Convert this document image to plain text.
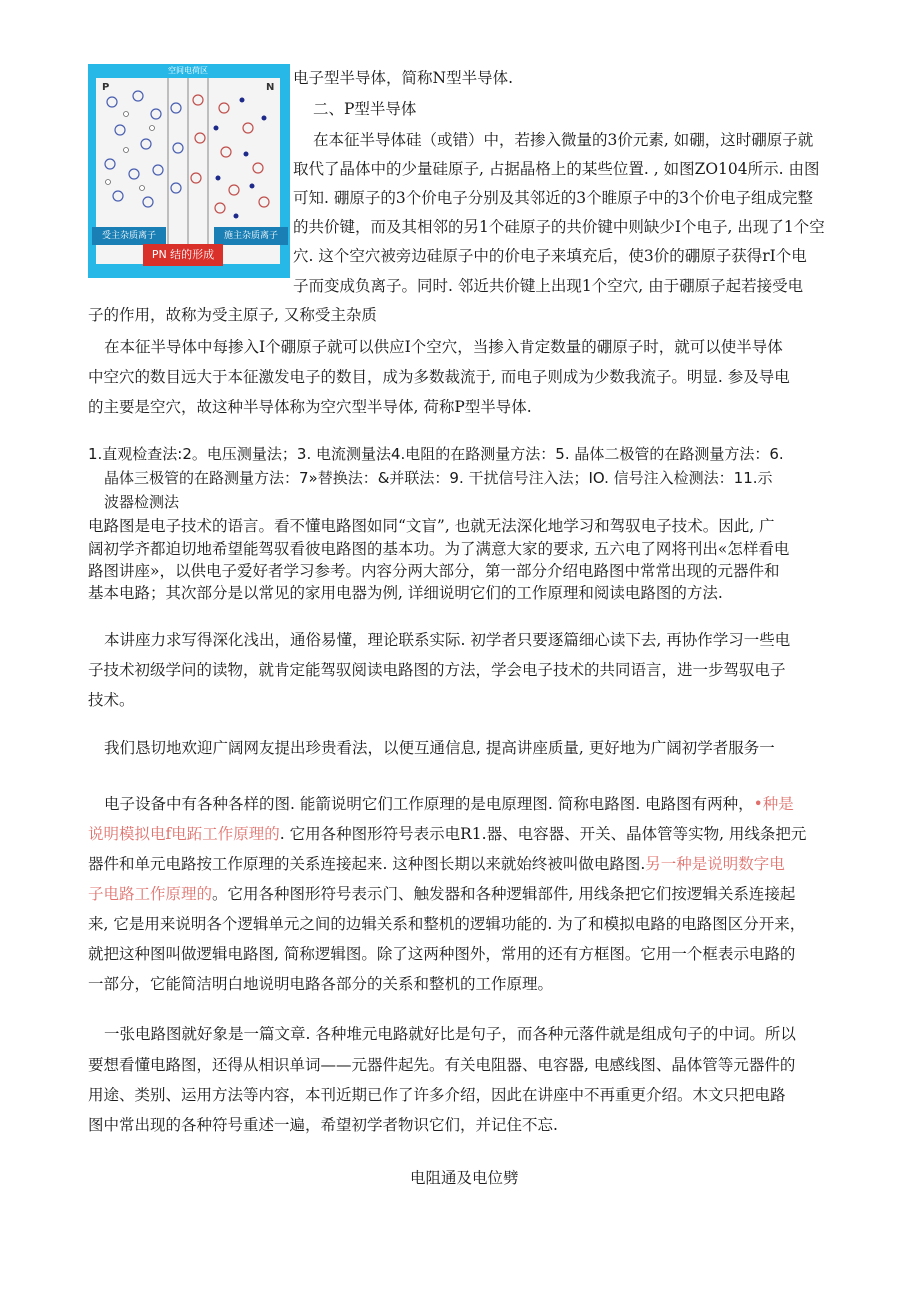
空间电荷区
P	N
受主杂质离子	施主杂质离子
PN 结的形成

电子型半导体，简称N型半导体.

二、P型半导体

在本征半导体硅（或错）中，若掺入微量的3价元素, 如硼，这时硼原子就

取代了晶体中的少量硅原子, 占据晶格上的某些位置. , 如图ZO104所示. 由图

可知. 硼原子的3个价电子分别及其邻近的3个睢原子中的3个价电子组成完整

的共价键，而及其相邻的另1个硅原子的共价键中则缺少I个电子, 出现了1个空

穴. 这个空穴被旁边硅原子中的价电子来填充后，使3价的硼原子获得rI个电

子而变成负离子。同时. 邻近共价键上出现1个空穴, 由于硼原子起若接受电

子的作用，故称为受主原子, 又称受主杂质

在本征半导体中每掺入I个硼原子就可以供应I个空穴，当掺入肯定数量的硼原子时，就可以使半导体

中空穴的数目远大于本征激发电子的数目，成为多数裁流于, 而电子则成为少数我流子。明显. 参及导电

的主要是空穴，故这种半导体称为空穴型半导体, 荷称P型半导体.

1.直观检查法:2。电压测量法；3. 电流测量法4.电阻的在路测量方法：5. 晶体二极管的在路测量方法：6.

晶体三极管的在路测量方法：7»替换法：&并联法：9. 干扰信号注入法；IO. 信号注入检测法：11.示

波器检测法

电路图是电子技术的语言。看不懂电路图如同“文盲”, 也就无法深化地学习和驾驭电子技术。因此, 广

阔初学齐都迫切地希望能驾驭看彼电路图的基本功。为了满意大家的要求, 五六电了网将刊出«怎样看电

路图讲座»，以供电子爱好者学习参考。内容分两大部分，第一部分介绍电路图中常常出现的元器件和

基本电路；其次部分是以常见的家用电器为例, 详细说明它们的工作原理和阅读电路图的方法.

本讲座力求写得深化浅出，通俗易懂，理论联系实际. 初学者只要逐篇细心读下去, 再协作学习一些电

子技术初级学问的读物，就肯定能驾驭阅读电路图的方法，学会电子技术的共同语言，进一步驾驭电子

技术。

我们恳切地欢迎广阔网友提出珍贵看法，以便互通信息, 提高讲座质量, 更好地为广阔初学者服务一

电子设备中有各种各样的图. 能箭说明它们工作原理的是电原理图. 简称电路图. 电路图有两种，•种是

说明模拟电f电跖工作原理的. 它用各种图形符号表示电R1.器、电容器、开关、晶体管等实物, 用线条把元

器件和单元电路按工作原理的关系连接起来. 这种图长期以来就始终被叫做电路图.另一种是说明数字电

子电路工作原理的。它用各种图形符号表示门、触发器和各种逻辑部件, 用线条把它们按逻辑关系连接起

来, 它是用来说明各个逻辑单元之间的边辑关系和整机的逻辑功能的. 为了和模拟电路的电路图区分开来，

就把这种图叫做逻辑电路图, 简称逻辑图。除了这两种图外，常用的还有方框图。它用一个框表示电路的

一部分，它能简洁明白地说明电路各部分的关系和整机的工作原理。

一张电路图就好象是一篇文章. 各种堆元电路就好比是句子，而各种元落件就是组成句子的中词。所以

要想看懂电路图，还得从相识单词——元器件起先。有关电阻器、电容器, 电感线图、晶体管等元器件的

用途、类别、运用方法等内容，本刊近期已作了许多介绍，因此在讲座中不再重更介绍。木文只把电路

图中常出现的各种符号重述一遍，希望初学者物识它们，并记住不忘.

电阻通及电位劈
